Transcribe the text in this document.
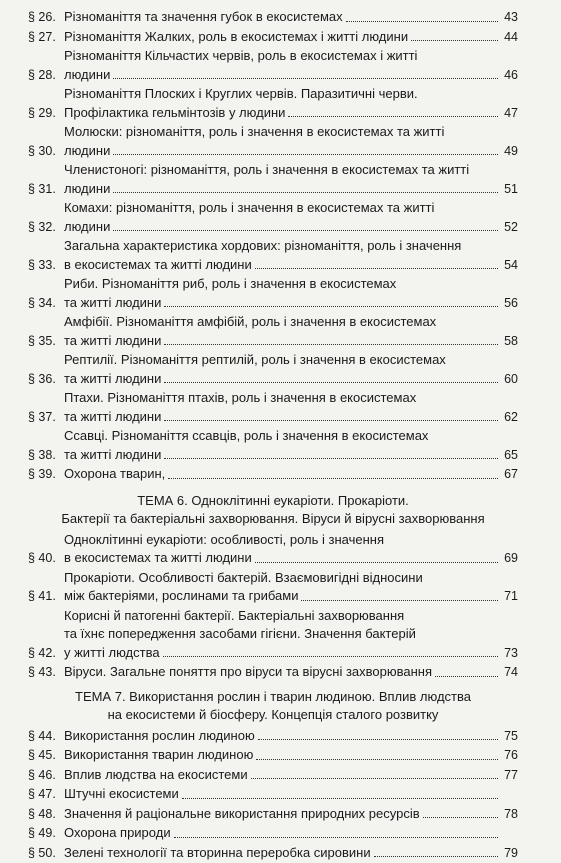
§ 26. Різноманіття та значення губок в екосистемах	43
§ 27. Різноманіття Жалких, роль в екосистемах і житті людини	44
§ 28.
Різноманіття Кільчастих червів, роль в екосистемах і житті
людини	46
§ 29.
Різноманіття Плоских і Круглих червів. Паразитичні черви.
Профілактика гельмінтозів у людини	47
§ 30.
Молюски: різноманіття, роль і значення в екосистемах та житті
людини	49
§ 31.
Членистоногі: різноманіття, роль і значення в екосистемах та житті
людини	51
§ 32.
Комахи: різноманіття, роль і значення в екосистемах та житті
людини	52
§ 33.
Загальна характеристика хордових: різноманіття, роль і значення
в екосистемах та житті людини	54
§ 34.
Риби. Різноманіття риб, роль і значення в екосистемах
та житті людини	56
§ 35.
Амфібії. Різноманіття амфібій, роль і значення в екосистемах
та житті людини	58
§ 36.
Рептилії. Різноманіття рептилій, роль і значення в екосистемах
та житті людини	60
§ 37.
Птахи. Різноманіття птахів, роль і значення в екосистемах
та житті людини	62
§ 38.
Ссавці. Різноманіття ссавців, роль і значення в екосистемах
та житті людини	65
§ 39. Охорона тварин,	67
ТЕМА 6. Одноклітинні еукаріоти. Прокаріоти.
Бактерії та бактеріальні захворювання. Віруси й вірусні захворювання
§ 40.
Одноклітинні еукаріоти: особливості, роль і значення
в екосистемах та житті людини	69
§ 41.
Прокаріоти. Особливості бактерій. Взаємовигідні відносини
між бактеріями, рослинами та грибами	71
§ 42.
Корисні й патогенні бактерії. Бактеріальні захворювання
та їхнє попередження засобами гігієни. Значення бактерій
у житті людства	73
§ 43. Віруси. Загальне поняття про віруси та вірусні захворювання	74
ТЕМА 7. Використання рослин і тварин людиною. Вплив людства
на екосистеми й біосферу. Концепція сталого розвитку
§ 44. Використання рослин людиною	75
§ 45. Використання тварин людиною	76
§ 46. Вплив людства на екосистеми	77
§ 47. Штучні екосистеми
§ 48. Значення й раціональне використання природних ресурсів	78
§ 49. Охорона природи
§ 50. Зелені технології та вторинна переробка сировини	79
